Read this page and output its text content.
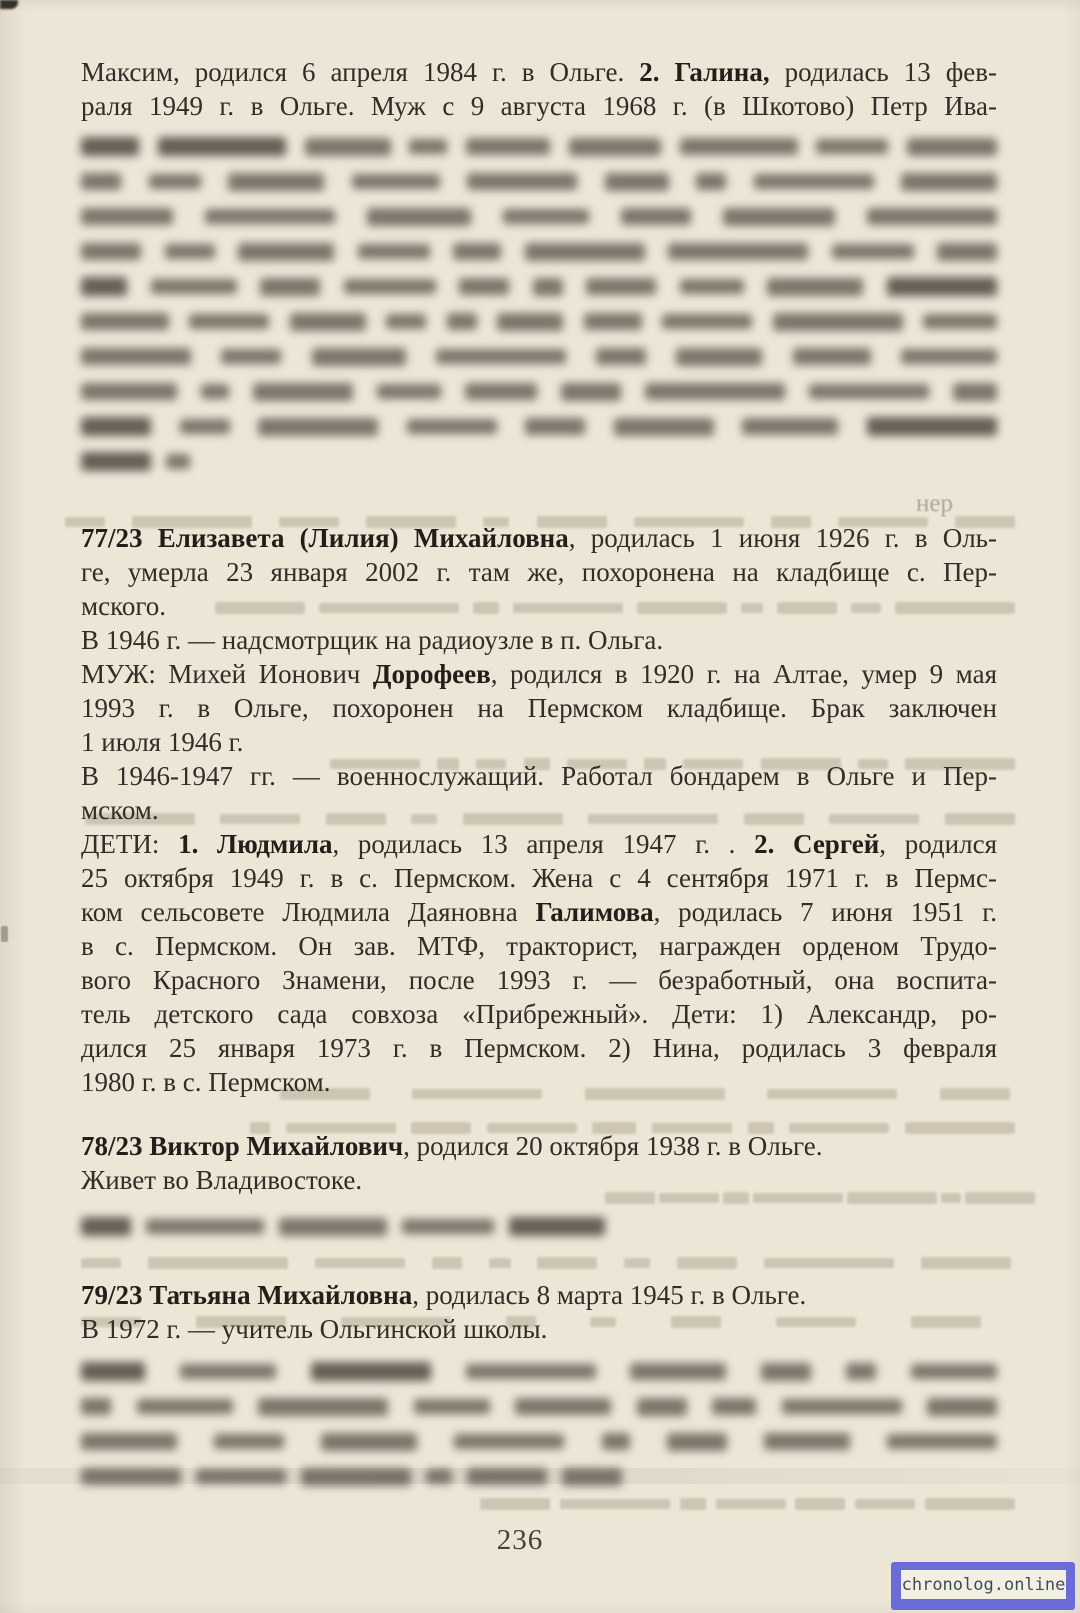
нер
Максим, родился 6 апреля 1984 г. в Ольге. 2. Галина, родилась 13 фев-
раля 1949 г. в Ольге. Муж с 9 августа 1968 г. (в Шкотово) Петр Ива-
77/23 Елизавета (Лилия) Михайловна, родилась 1 июня 1926 г. в Оль-
ге, умерла 23 января 2002 г. там же, похоронена на кладбище с. Пер-
мского.
В 1946 г. — надсмотрщик на радиоузле в п. Ольга.
МУЖ: Михей Ионович Дорофеев, родился в 1920 г. на Алтае, умер 9 мая
1993 г. в Ольге, похоронен на Пермском кладбище. Брак заключен
1 июля 1946 г.
В 1946-1947 гг. — военнослужащий. Работал бондарем в Ольге и Пер-
мском.
ДЕТИ: 1. Людмила, родилась 13 апреля 1947 г. . 2. Сергей, родился
25 октября 1949 г. в с. Пермском. Жена с 4 сентября 1971 г. в Пермс-
ком сельсовете Людмила Даяновна Галимова, родилась 7 июня 1951 г.
в с. Пермском. Он зав. МТФ, тракторист, награжден орденом Трудо-
вого Красного Знамени, после 1993 г. — безработный, она воспита-
тель детского сада совхоза «Прибрежный». Дети: 1) Александр, ро-
дился 25 января 1973 г. в Пермском. 2) Нина, родилась 3 февраля
1980 г. в с. Пермском.
78/23 Виктор Михайлович, родился 20 октября 1938 г. в Ольге.
Живет во Владивостоке.
79/23 Татьяна Михайловна, родилась 8 марта 1945 г. в Ольге.
В 1972 г. — учитель Ольгинской школы.
236
chronolog.online
